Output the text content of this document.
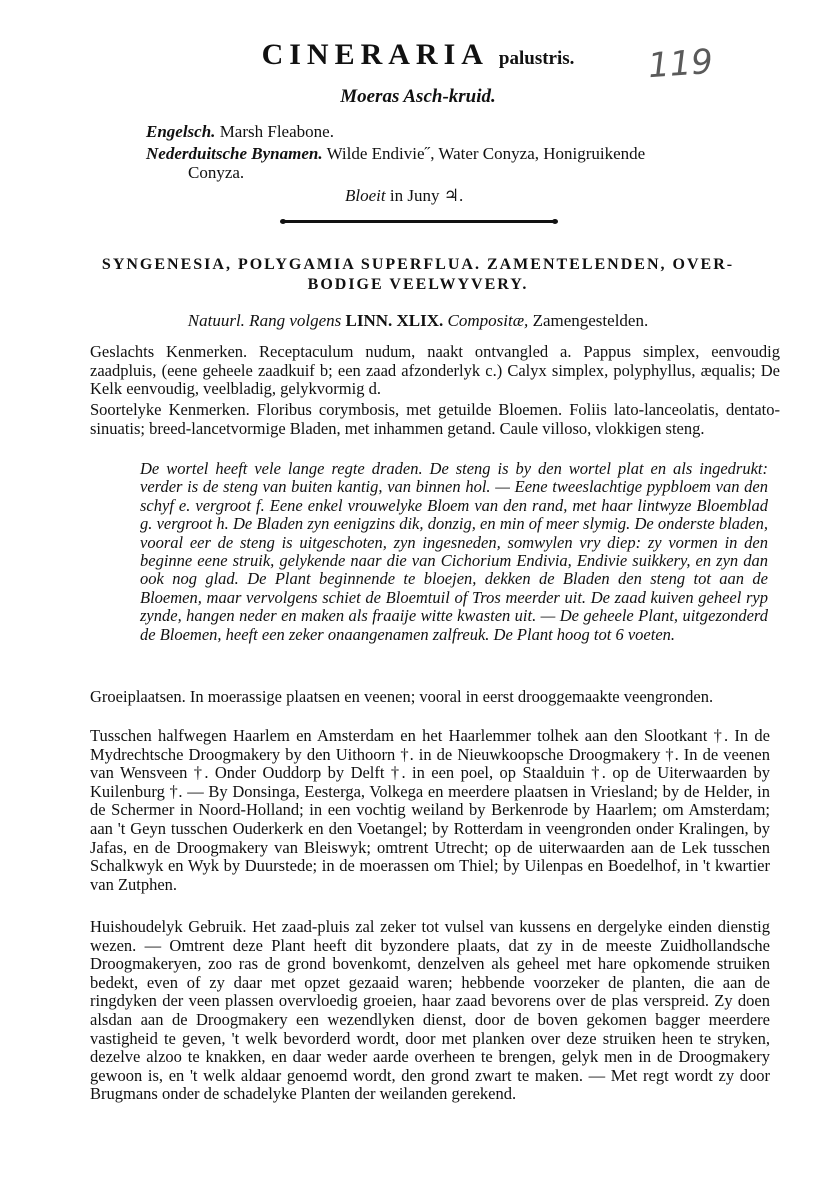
CINERARIA palustris.	119
Moeras Asch-kruid.
Engelsch. Marsh Fleabone.
Nederduitsche Bynamen. Wilde Endivie˝, Water Conyza, Honigruikende
Conyza.
Bloeit in Juny ♃.
SYNGENESIA, POLYGAMIA SUPERFLUA. ZAMENTELENDEN, OVER-
BODIGE VEELWYVERY.
Natuurl. Rang volgens LINN. XLIX. Compositæ, Zamengestelden.

Geslachts Kenmerken. Receptaculum nudum, naakt ontvangled a. Pappus simplex, eenvoudig zaadpluis, (eene geheele zaadkuif b; een zaad afzonderlyk c.) Calyx simplex, polyphyllus, æqualis; De Kelk eenvoudig, veelbladig, gelykvormig d.

Soortelyke Kenmerken. Floribus corymbosis, met getuilde Bloemen. Foliis lato-lanceolatis, dentato-sinuatis; breed-lancetvormige Bladen, met inhammen getand. Caule villoso, vlokkigen steng.

De wortel heeft vele lange regte draden. De steng is by den wortel plat en als ingedrukt: verder is de steng van buiten kantig, van binnen hol. — Eene tweeslachtige pypbloem van den schyf e. vergroot f. Eene enkel vrouwelyke Bloem van den rand, met haar lintwyze Bloemblad g. vergroot h. De Bladen zyn eenigzins dik, donzig, en min of meer slymig. De onderste bladen, vooral eer de steng is uitgeschoten, zyn ingesneden, somwylen vry diep: zy vormen in den beginne eene struik, gelykende naar die van Cichorium Endivia, Endivie suikkery, en zyn dan ook nog glad. De Plant beginnende te bloejen, dekken de Bladen den steng tot aan de Bloemen, maar vervolgens schiet de Bloemtuil of Tros meerder uit. De zaad kuiven geheel ryp zynde, hangen neder en maken als fraaije witte kwasten uit. — De geheele Plant, uitgezonderd de Bloemen, heeft een zeker onaangenamen zalfreuk. De Plant hoog tot 6 voeten.

Groeiplaatsen. In moerassige plaatsen en veenen; vooral in eerst drooggemaakte veengronden.

Tusschen halfwegen Haarlem en Amsterdam en het Haarlemmer tolhek aan den Slootkant †. In de Mydrechtsche Droogmakery by den Uithoorn †. in de Nieuwkoopsche Droogmakery †. In de veenen van Wensveen †. Onder Ouddorp by Delft †. in een poel, op Staalduin †. op de Uiterwaarden by Kuilenburg †. — By Donsinga, Eesterga, Volkega en meerdere plaatsen in Vriesland; by de Helder, in de Schermer in Noord-Holland; in een vochtig weiland by Berkenrode by Haarlem; om Amsterdam; aan 't Geyn tusschen Ouderkerk en den Voetangel; by Rotterdam in veengronden onder Kralingen, by Jafas, en de Droogmakery van Bleiswyk; omtrent Utrecht; op de uiterwaarden aan de Lek tusschen Schalkwyk en Wyk by Duurstede; in de moerassen om Thiel; by Uilenpas en Boedelhof, in 't kwartier van Zutphen.

Huishoudelyk Gebruik. Het zaad-pluis zal zeker tot vulsel van kussens en dergelyke einden dienstig wezen. — Omtrent deze Plant heeft dit byzondere plaats, dat zy in de meeste Zuidhollandsche Droogmakeryen, zoo ras de grond bovenkomt, denzelven als geheel met hare opkomende struiken bedekt, even of zy daar met opzet gezaaid waren; hebbende voorzeker de planten, die aan de ringdyken der veen plassen overvloedig groeien, haar zaad bevorens over de plas verspreid. Zy doen alsdan aan de Droogmakery een wezendlyken dienst, door de boven gekomen bagger meerdere vastigheid te geven, 't welk bevorderd wordt, door met planken over deze struiken heen te stryken, dezelve alzoo te knakken, en daar weder aarde overheen te brengen, gelyk men in de Droogmakery gewoon is, en 't welk aldaar genoemd wordt, den grond zwart te maken. — Met regt wordt zy door Brugmans onder de schadelyke Planten der weilanden gerekend.
